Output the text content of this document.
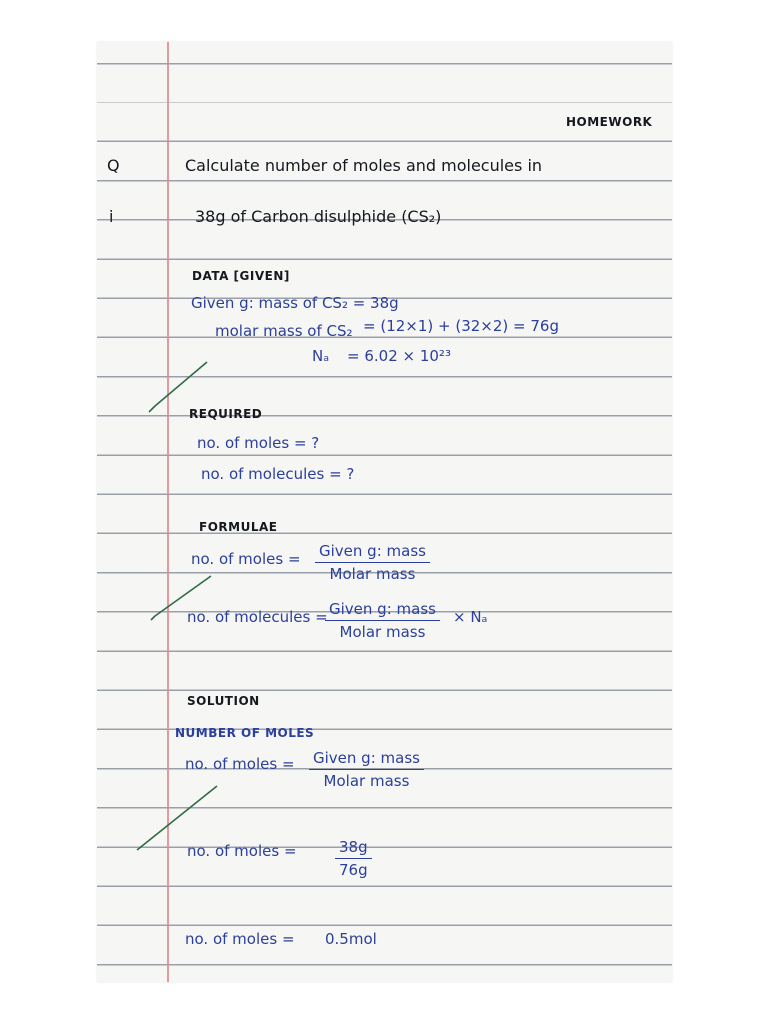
HOMEWORK
Q	Calculate number of moles and molecules in
i	38g of Carbon disulphide (CS₂)
DATA [GIVEN]
Given g: mass of CS₂ = 38g
molar mass of CS₂ = (12×1) + (32×2) = 76g
Nₐ = 6.02 × 10²³
REQUIRED
no. of moles = ?
no. of molecules = ?
FORMULAE
no. of moles = Given g: mass
Molar mass
no. of molecules = Given g: mass
Molar mass
× Nₐ
SOLUTION
NUMBER OF MOLES
no. of moles = Given g: mass
Molar mass
no. of moles =	$\frac{38g}{76g}$
no. of moles = 0.5mol
